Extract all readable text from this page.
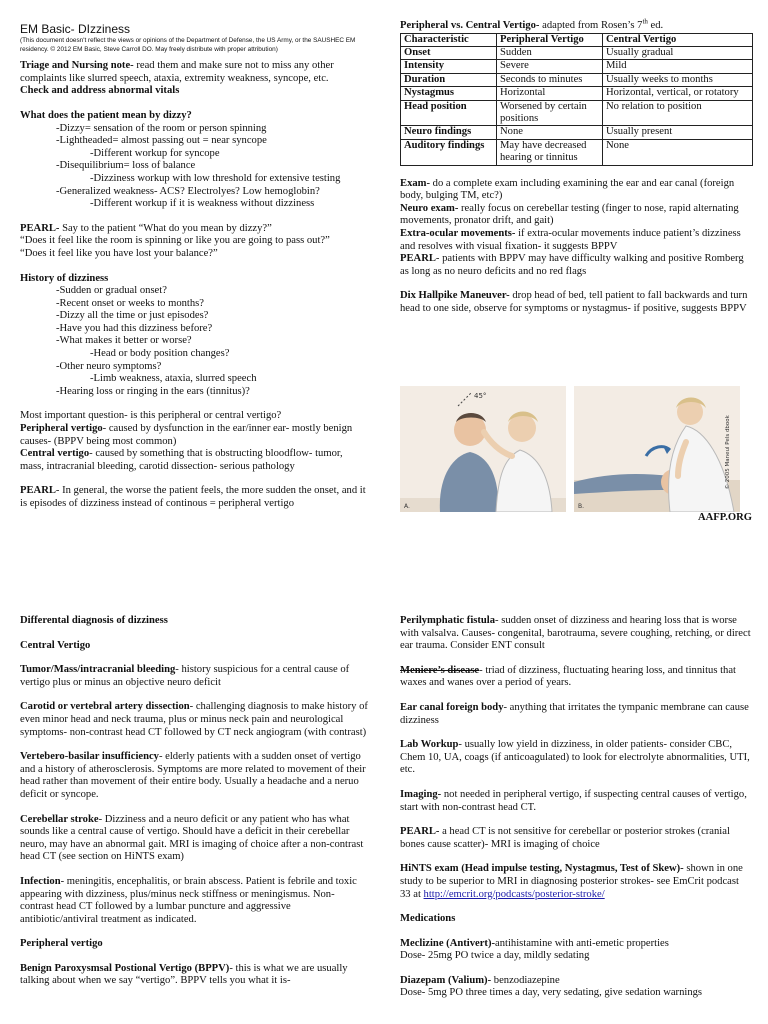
EM Basic- DIzziness

(This document doesn't reflect the views or opinions of the Department of Defense, the US Army, or the SAUSHEC EM residency. © 2012 EM Basic, Steve Carroll DO. May freely distribute with proper attribution)

Triage and Nursing note- read them and make sure not to miss any other complaints like slurred speech, ataxia, extremity weakness, syncope, etc.

Check and address abnormal vitals

What does the patient mean by dizzy?

-Dizzy= sensation of the room or person spinning

-Lightheaded= almost passing out = near syncope

-Different workup for syncope

-Disequilibrium= loss of balance

-Dizziness workup with low threshold for extensive testing

-Generalized weakness- ACS? Electrolyes? Low hemoglobin?

-Different workup if it is weakness without dizziness

PEARL- Say to the patient “What do you mean by dizzy?”

“Does it feel like the room is spinning or like you are going to pass out?”

“Does it feel like you have lost your balance?”

History of dizziness

-Sudden or gradual onset?

-Recent onset or weeks to months?

-Dizzy all the time or just episodes?

-Have you had this dizziness before?

-What makes it better or worse?

-Head or body position changes?

-Other neuro symptoms?

-Limb weakness, ataxia, slurred speech

-Hearing loss or ringing in the ears (tinnitus)?

Most important question- is this peripheral or central vertigo?

Peripheral vertigo- caused by dysfunction in the ear/inner ear- mostly benign causes- (BPPV being most common)

Central vertigo- caused by something that is obstructing bloodflow- tumor, mass, intracranial bleeding, carotid dissection- serious pathology

PEARL- In general, the worse the patient feels, the more sudden the onset, and it is episodes of dizziness instead of continous = peripheral vertigo

Peripheral vs. Central Vertigo- adapted from Rosen’s 7th ed.

Characteristic	Peripheral Vertigo	Central Vertigo
Onset	Sudden	Usually gradual
Intensity	Severe	Mild
Duration	Seconds to minutes	Usually weeks to months
Nystagmus	Horizontal	Horizontal, vertical, or rotatory
Head position	Worsened by certain positions	No relation to position
Neuro findings	None	Usually present
Auditory findings	May have decreased hearing or tinnitus	None

Exam- do a complete exam including examining the ear and ear canal (foreign body, bulging TM, etc?)

Neuro exam- really focus on cerebellar testing (finger to nose, rapid alternating movements, pronator drift, and gait)

Extra-ocular movements- if extra-ocular movements induce patient’s dizziness and resolves with visual fixation- it suggests BPPV

PEARL- patients with BPPV may have difficulty walking and positive Romberg as long as no neuro deficits and no red flags

Dix Hallpike Maneuver- drop head of bed, tell patient to fall backwards and turn head to one side, observe for symptoms or nystagmus- if positive, suggests BPPV

45°
A.	B.
© 2005 Maneul Pels dbook
AAFP.ORG

Differental diagnosis of dizziness

Central Vertigo

Tumor/Mass/intracranial bleeding- history suspicious for a central cause of vertigo plus or minus an objective neuro deficit

Carotid or vertebral artery dissection- challenging diagnosis to make history of even minor head and neck trauma, plus or minus neck pain and neurological symptoms- non-contrast head CT followed by CT neck angiogram (with contrast)

Vertebero-basilar insufficiency- elderly patients with a sudden onset of vertigo and a history of atherosclerosis. Symptoms are more related to movement of their head rather than movement of their entire body. Usually a headache and a neruo deficit or syncope.

Cerebellar stroke- Dizziness and a neuro deficit or any patient who has what sounds like a central cause of vertigo. Should have a deficit in their cerebellar neuro, may have an abnormal gait. MRI is imaging of choice after a non-contrast head CT (see section on HiNTS exam)

Infection- meningitis, encephalitis, or brain abscess. Patient is febrile and toxic appearing with dizziness, plus/minus neck stiffness or meningismus. Non-contrast head CT followed by a lumbar puncture and aggressive antibiotic/antiviral treatment as indicated.

Peripheral vertigo

Benign Paroxysmsal Postional Vertigo (BPPV)- this is what we are usually talking about when we say “vertigo”. BPPV tells you what it is-

Perilymphatic fistula- sudden onset of dizziness and hearing loss that is worse with valsalva. Causes- congenital, barotrauma, severe coughing, retching, or direct ear trauma. Consider ENT consult

Meniere’s disease- triad of dizziness, fluctuating hearing loss, and tinnitus that waxes and wanes over a period of years.

Ear canal foreign body- anything that irritates the tympanic membrane can cause dizziness

Lab Workup- usually low yield in dizziness, in older patients- consider CBC, Chem 10, UA, coags (if anticoagulated) to look for electrolyte abnormalities, UTI, etc.

Imaging- not needed in peripheral vertigo, if suspecting central causes of vertigo, start with non-contrast head CT.

PEARL- a head CT is not sensitive for cerebellar or posterior strokes (cranial bones cause scatter)- MRI is imaging of choice

HiNTS exam (Head impulse testing, Nystagmus, Test of Skew)- shown in one study to be superior to MRI in diagnosing posterior strokes- see EmCrit podcast 33 at http://emcrit.org/podcasts/posterior-stroke/

Medications

Meclizine (Antivert)-antihistamine with anti-emetic properties

Dose- 25mg PO twice a day, mildly sedating

Diazepam (Valium)- benzodiazepine

Dose- 5mg PO three times a day, very sedating, give sedation warnings
